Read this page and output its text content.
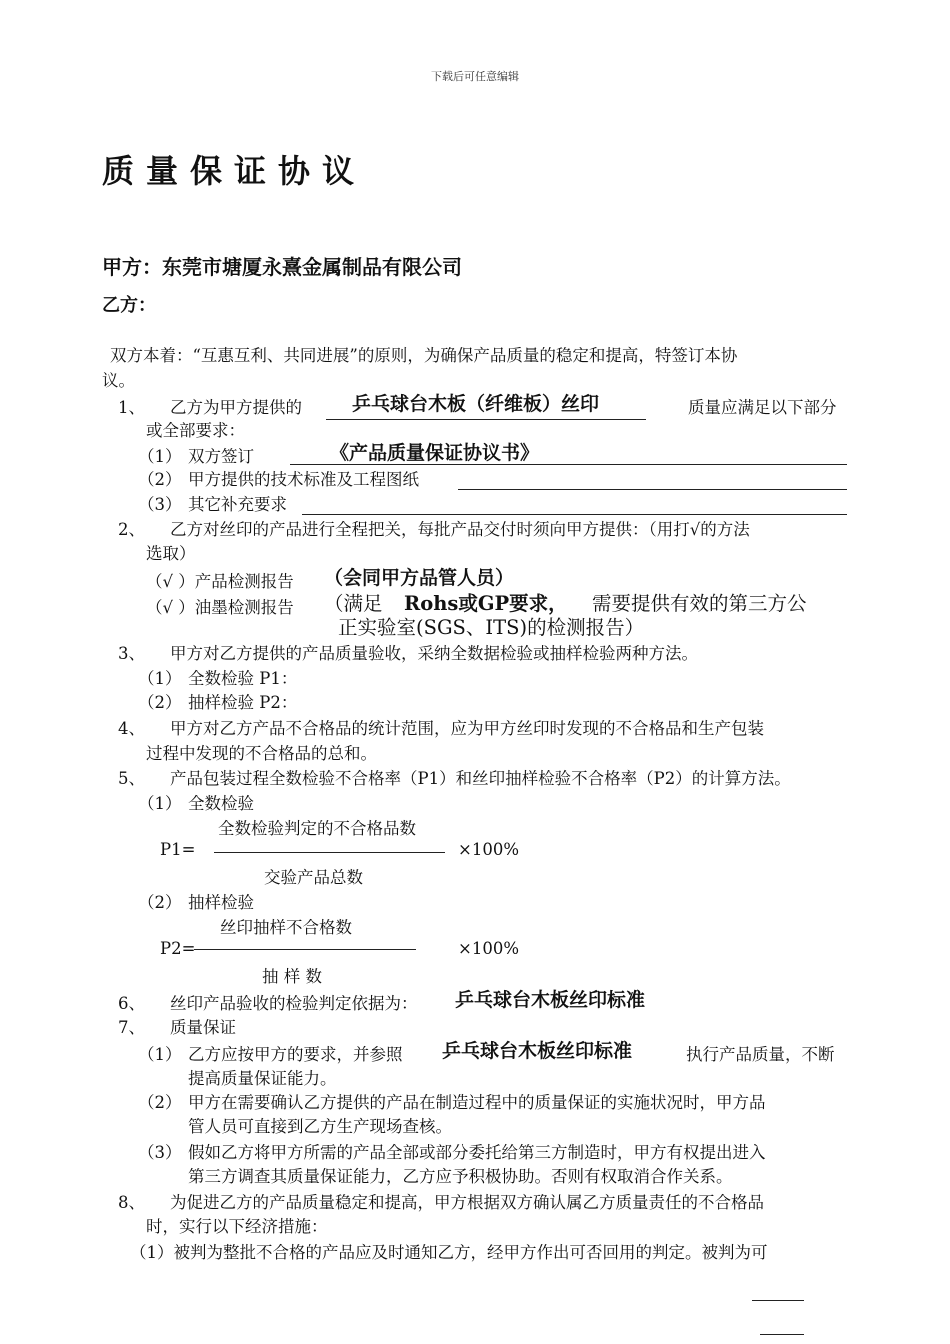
下载后可任意编辑
质量保证协议
甲方：东莞市塘厦永熹金属制品有限公司
乙方：
双方本着：“互惠互利、共同进展”的原则，为确保产品质量的稳定和提高，特签订本协
议。
1、 乙方为甲方提供的	乒乓球台木板（纤维板）丝印	质量应满足以下部分
或全部要求：
（1） 双方签订	《产品质量保证协议书》
（2） 甲方提供的技术标准及工程图纸
（3） 其它补充要求
2、 乙方对丝印的产品进行全程把关，每批产品交付时须向甲方提供：（用打√的方法
选取）
（√ ）产品检测报告 （会同甲方品管人员）
（√ ）油墨检测报告 （满足 Rohs或GP要求， 需要提供有效的第三方公
正实验室(SGS、ITS)的检测报告）
3、 甲方对乙方提供的产品质量验收，采纳全数据检验或抽样检验两种方法。
（1） 全数检验 P1：
（2） 抽样检验 P2：
4、 甲方对乙方产品不合格品的统计范围，应为甲方丝印时发现的不合格品和生产包装
过程中发现的不合格品的总和。
5、 产品包装过程全数检验不合格率（P1）和丝印抽样检验不合格率（P2）的计算方法。
（1） 全数检验
全数检验判定的不合格品数
P1=	×100%
交验产品总数
（2） 抽样检验
丝印抽样不合格数
P2=	×100%
抽 样 数
6、 丝印产品验收的检验判定依据为： 乒乓球台木板丝印标准
7、 质量保证
（1） 乙方应按甲方的要求，并参照 乒乓球台木板丝印标准	执行产品质量，不断
提高质量保证能力。
（2） 甲方在需要确认乙方提供的产品在制造过程中的质量保证的实施状况时，甲方品
管人员可直接到乙方生产现场查核。
（3） 假如乙方将甲方所需的产品全部或部分委托给第三方制造时，甲方有权提出进入
第三方调查其质量保证能力，乙方应予积极协助。否则有权取消合作关系。
8、 为促进乙方的产品质量稳定和提高，甲方根据双方确认属乙方质量责任的不合格品
时，实行以下经济措施：
（1）被判为整批不合格的产品应及时通知乙方，经甲方作出可否回用的判定。被判为可
